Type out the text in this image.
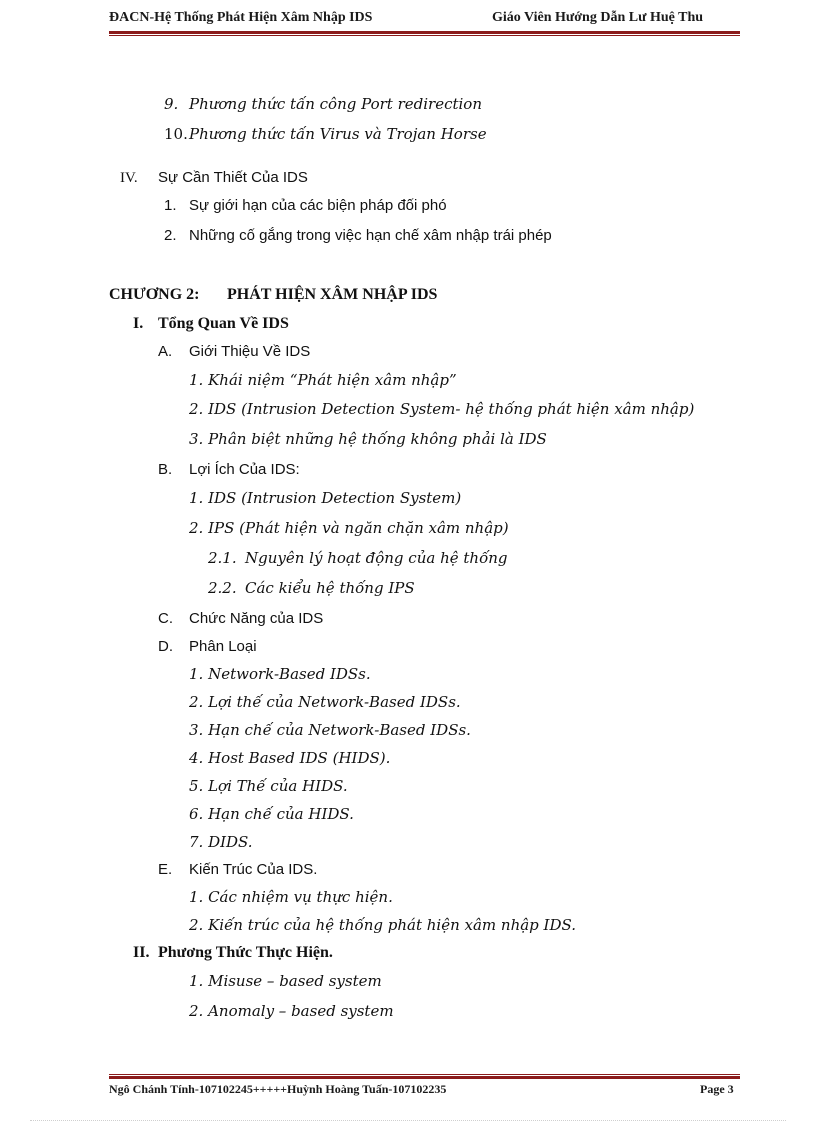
ĐACN-Hệ Thống Phát Hiện Xâm Nhập IDS	Giáo Viên Hướng Dẫn Lư Huệ Thu
9. Phương thức tấn công Port redirection
10. Phương thức tấn Virus và Trojan Horse
IV. Sự Cần Thiết Của IDS
1. Sự giới hạn của các biện pháp đối phó
2. Những cố gắng trong việc hạn chế xâm nhập trái phép
CHƯƠNG 2: PHÁT HIỆN XÂM NHẬP IDS
I. Tổng Quan Về IDS
A. Giới Thiệu Về IDS
1. Khái niệm “Phát hiện xâm nhập”
2. IDS (Intrusion Detection System- hệ thống phát hiện xâm nhập)
3. Phân biệt những hệ thống không phải là IDS
B. Lợi Ích Của IDS:
1. IDS (Intrusion Detection System)
2. IPS (Phát hiện và ngăn chặn xâm nhập)
2.1. Nguyên lý hoạt động của hệ thống
2.2. Các kiểu hệ thống IPS
C. Chức Năng của IDS
D. Phân Loại
1. Network-Based IDSs.
2. Lợi thế của Network-Based IDSs.
3. Hạn chế của Network-Based IDSs.
4. Host Based IDS (HIDS).
5. Lợi Thế của HIDS.
6. Hạn chế của HIDS.
7. DIDS.
E. Kiến Trúc Của IDS.
1. Các nhiệm vụ thực hiện.
2. Kiến trúc của hệ thống phát hiện xâm nhập IDS.
II. Phương Thức Thực Hiện.
1. Misuse – based system
2. Anomaly – based system
Ngô Chánh Tính-107102245+++++Huỳnh Hoàng Tuấn-107102235	Page 3
